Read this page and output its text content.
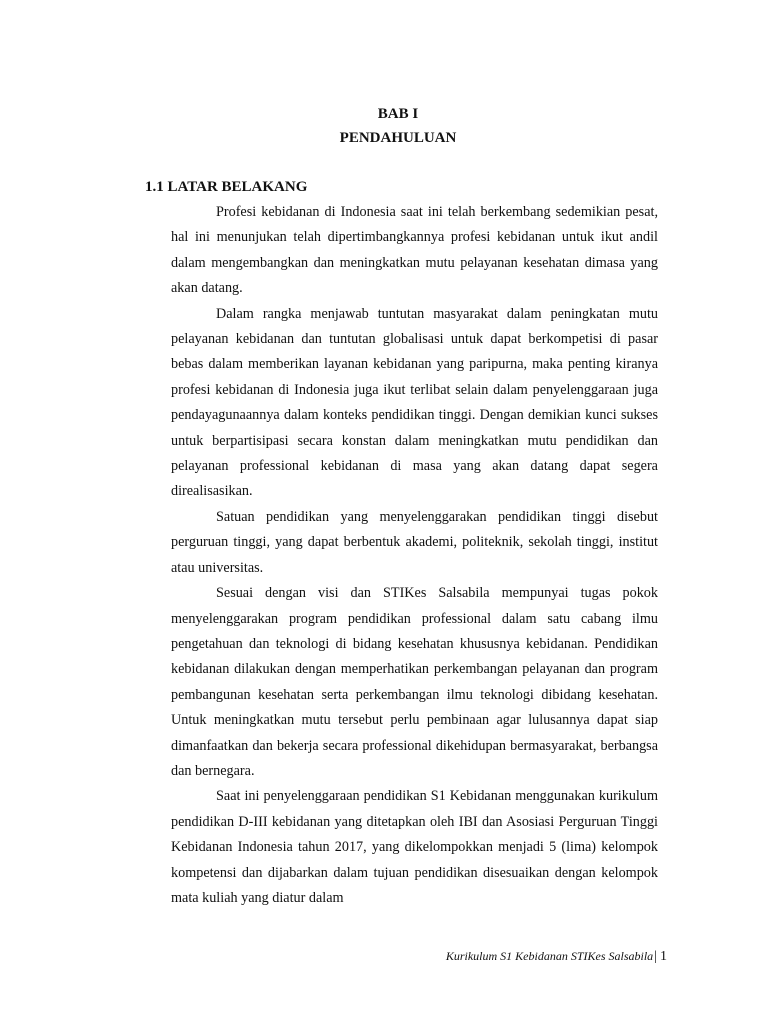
BAB I
PENDAHULUAN
1.1 LATAR BELAKANG

Profesi kebidanan di Indonesia saat ini telah berkembang sedemikian pesat, hal ini menunjukan telah dipertimbangkannya profesi kebidanan untuk ikut andil dalam mengembangkan dan meningkatkan mutu pelayanan kesehatan dimasa yang akan datang.

Dalam rangka menjawab tuntutan masyarakat dalam peningkatan mutu pelayanan kebidanan dan tuntutan globalisasi untuk dapat berkompetisi di pasar bebas dalam memberikan layanan kebidanan yang paripurna, maka penting kiranya profesi kebidanan di Indonesia juga ikut terlibat selain dalam penyelenggaraan juga pendayagunaannya dalam konteks pendidikan tinggi. Dengan demikian kunci sukses untuk berpartisipasi secara konstan dalam meningkatkan mutu pendidikan dan pelayanan professional kebidanan di masa yang akan datang dapat segera direalisasikan.

Satuan pendidikan yang menyelenggarakan pendidikan tinggi disebut perguruan tinggi, yang dapat berbentuk akademi, politeknik, sekolah tinggi, institut atau universitas.

Sesuai dengan visi dan STIKes Salsabila mempunyai tugas pokok menyelenggarakan program pendidikan professional dalam satu cabang ilmu pengetahuan dan teknologi di bidang kesehatan khususnya kebidanan. Pendidikan kebidanan dilakukan dengan memperhatikan perkembangan pelayanan dan program pembangunan kesehatan serta perkembangan ilmu teknologi dibidang kesehatan. Untuk meningkatkan mutu tersebut perlu pembinaan agar lulusannya dapat siap dimanfaatkan dan bekerja secara professional dikehidupan bermasyarakat, berbangsa dan bernegara.

Saat ini penyelenggaraan pendidikan S1 Kebidanan menggunakan kurikulum pendidikan D-III kebidanan yang ditetapkan oleh IBI dan Asosiasi Perguruan Tinggi Kebidanan Indonesia tahun 2017, yang dikelompokkan menjadi 5 (lima) kelompok kompetensi dan dijabarkan dalam tujuan pendidikan disesuaikan dengan kelompok mata kuliah yang diatur dalam

Kurikulum S1 Kebidanan STIKes Salsabila| 1
